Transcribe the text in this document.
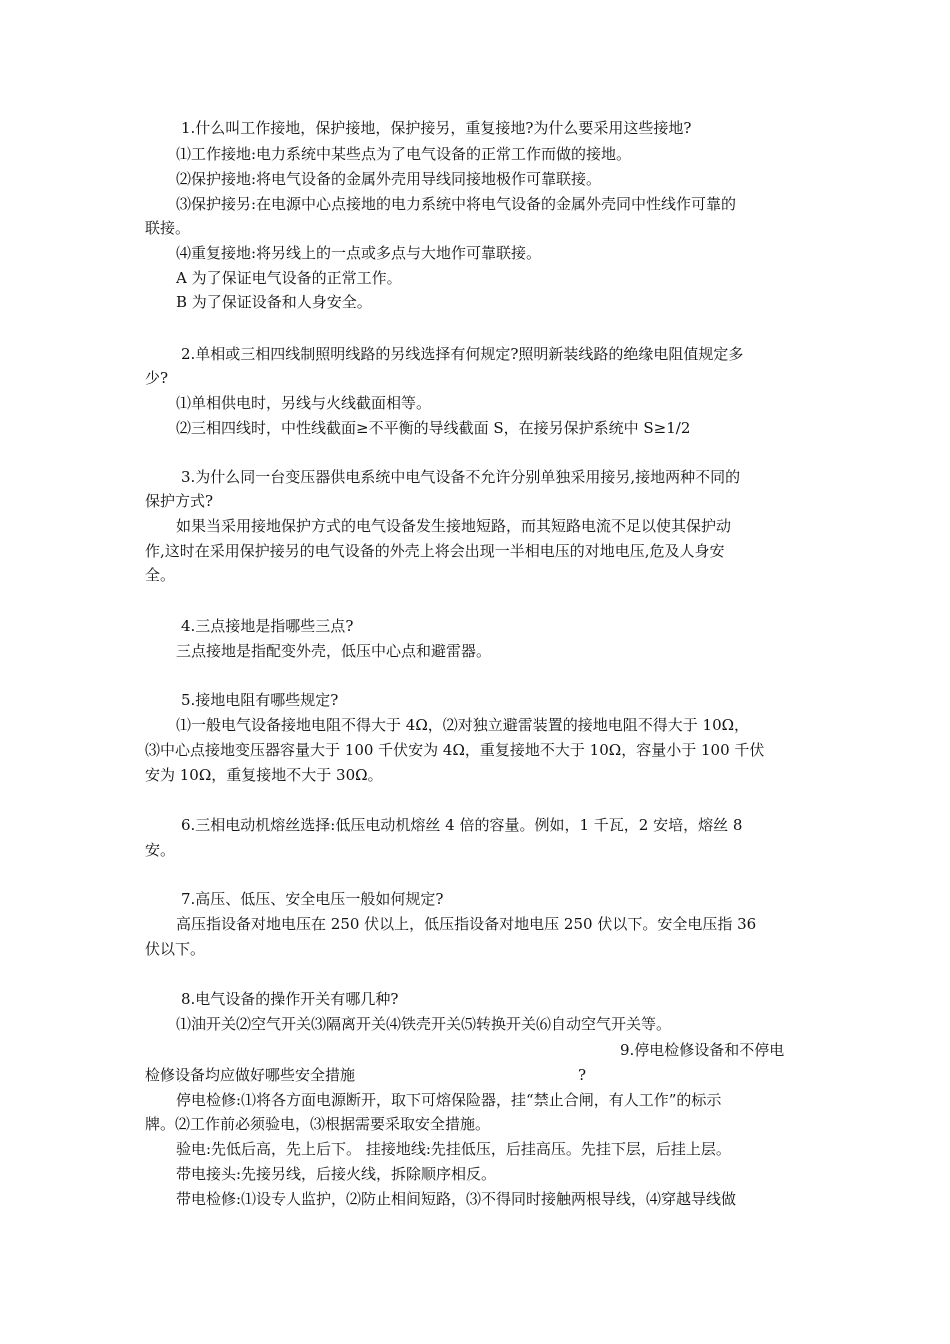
1.什么叫工作接地，保护接地，保护接另，重复接地?为什么要采用这些接地?
⑴工作接地:电力系统中某些点为了电气设备的正常工作而做的接地。
⑵保护接地:将电气设备的金属外壳用导线同接地极作可靠联接。
⑶保护接另:在电源中心点接地的电力系统中将电气设备的金属外壳同中性线作可靠的
联接。
⑷重复接地:将另线上的一点或多点与大地作可靠联接。
A 为了保证电气设备的正常工作。
B 为了保证设备和人身安全。
2.单相或三相四线制照明线路的另线选择有何规定?照明新装线路的绝缘电阻值规定多
少?
⑴单相供电时，另线与火线截面相等。
⑵三相四线时，中性线截面≥不平衡的导线截面 S，在接另保护系统中 S≥1/2
3.为什么同一台变压器供电系统中电气设备不允许分别单独采用接另,接地两种不同的
保护方式?
如果当采用接地保护方式的电气设备发生接地短路，而其短路电流不足以使其保护动
作,这时在采用保护接另的电气设备的外壳上将会出现一半相电压的对地电压,危及人身安
全。
4.三点接地是指哪些三点?
三点接地是指配变外壳，低压中心点和避雷器。
5.接地电阻有哪些规定?
⑴一般电气设备接地电阻不得大于 4Ω，⑵对独立避雷装置的接地电阻不得大于 10Ω，
⑶中心点接地变压器容量大于 100 千伏安为 4Ω，重复接地不大于 10Ω，容量小于 100 千伏
安为 10Ω，重复接地不大于 30Ω。
6.三相电动机熔丝选择:低压电动机熔丝 4 倍的容量。例如，1 千瓦，2 安培，熔丝 8
安。
7.高压、低压、安全电压一般如何规定?
高压指设备对地电压在 250 伏以上，低压指设备对地电压 250 伏以下。安全电压指 36
伏以下。
8.电气设备的操作开关有哪几种?
⑴油开关⑵空气开关⑶隔离开关⑷铁壳开关⑸转换开关⑹自动空气开关等。
9.停电检修设备和不停电
检修设备均应做好哪些安全措施	?
停电检修:⑴将各方面电源断开，取下可熔保险器，挂“禁止合闸，有人工作”的标示
牌。⑵工作前必须验电，⑶根据需要采取安全措施。
验电:先低后高，先上后下。 挂接地线:先挂低压，后挂高压。先挂下层，后挂上层。
带电接头:先接另线，后接火线，拆除顺序相反。
带电检修:⑴设专人监护，⑵防止相间短路，⑶不得同时接触两根导线，⑷穿越导线做
